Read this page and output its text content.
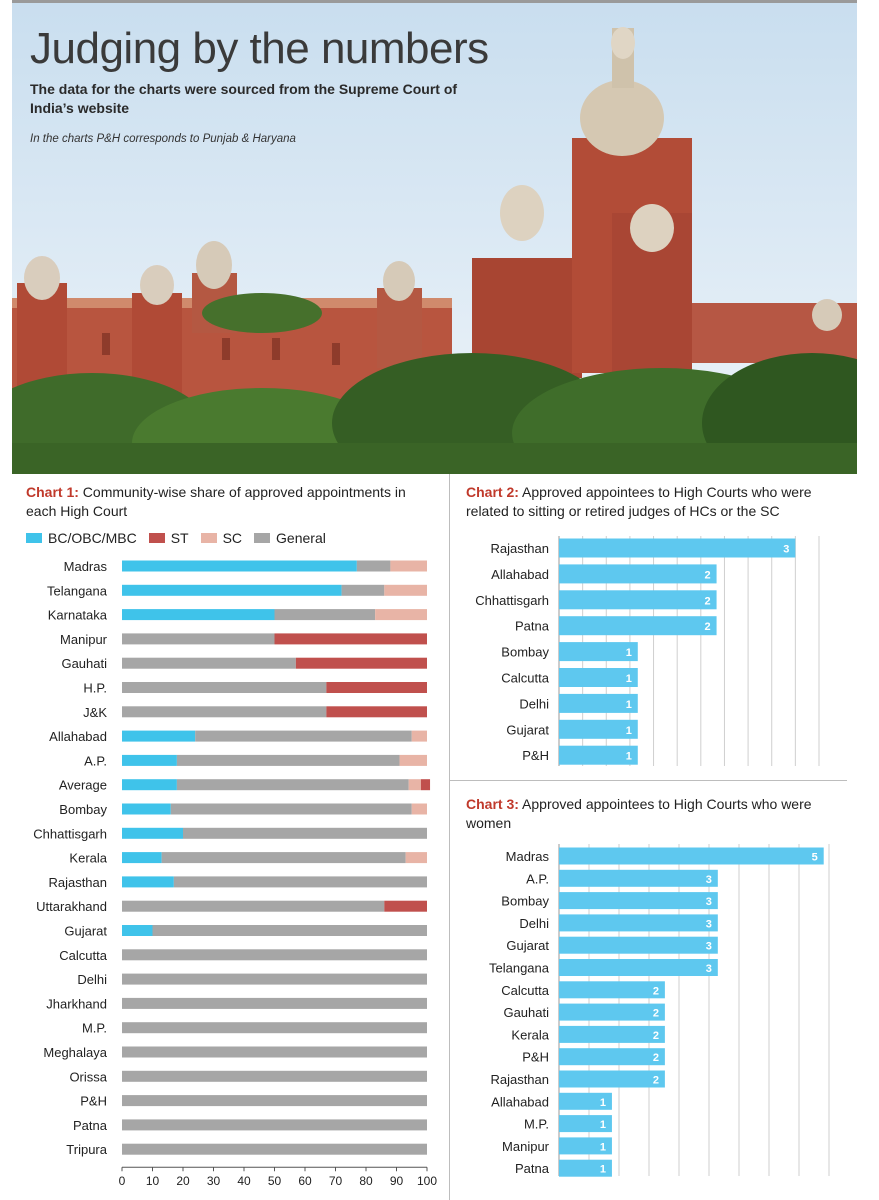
Judging by the numbers
The data for the charts were sourced from the Supreme Court of India’s website
In the charts P&H corresponds to Punjab & Haryana
Chart 1: Community-wise share of approved appointments in each High Court
BC/OBC/MBC ST SC General
Madras
Telangana
Karnataka
Manipur
Gauhati
H.P.
J&K
Allahabad
A.P.
Average
Bombay
Chhattisgarh
Kerala
Rajasthan
Uttarakhand
Gujarat
Calcutta
Delhi
Jharkhand
M.P.
Meghalaya
Orissa
P&H
Patna
Tripura
0 10 20 30 40 50 60 70 80 90 100
Chart 2: Approved appointees to High Courts who were related to sitting or retired judges of HCs or the SC
Rajasthan	3
Allahabad	2
Chhattisgarh	2
Patna	2
Bombay	1
Calcutta	1
Delhi	1
Gujarat	1
P&H	1
Chart 3: Approved appointees to High Courts who were women
Madras	5
A.P.	3
Bombay	3
Delhi	3
Gujarat	3
Telangana	3
Calcutta	2
Gauhati	2
Kerala	2
P&H	2
Rajasthan	2
Allahabad	1
M.P.	1
Manipur	1
Patna	1
